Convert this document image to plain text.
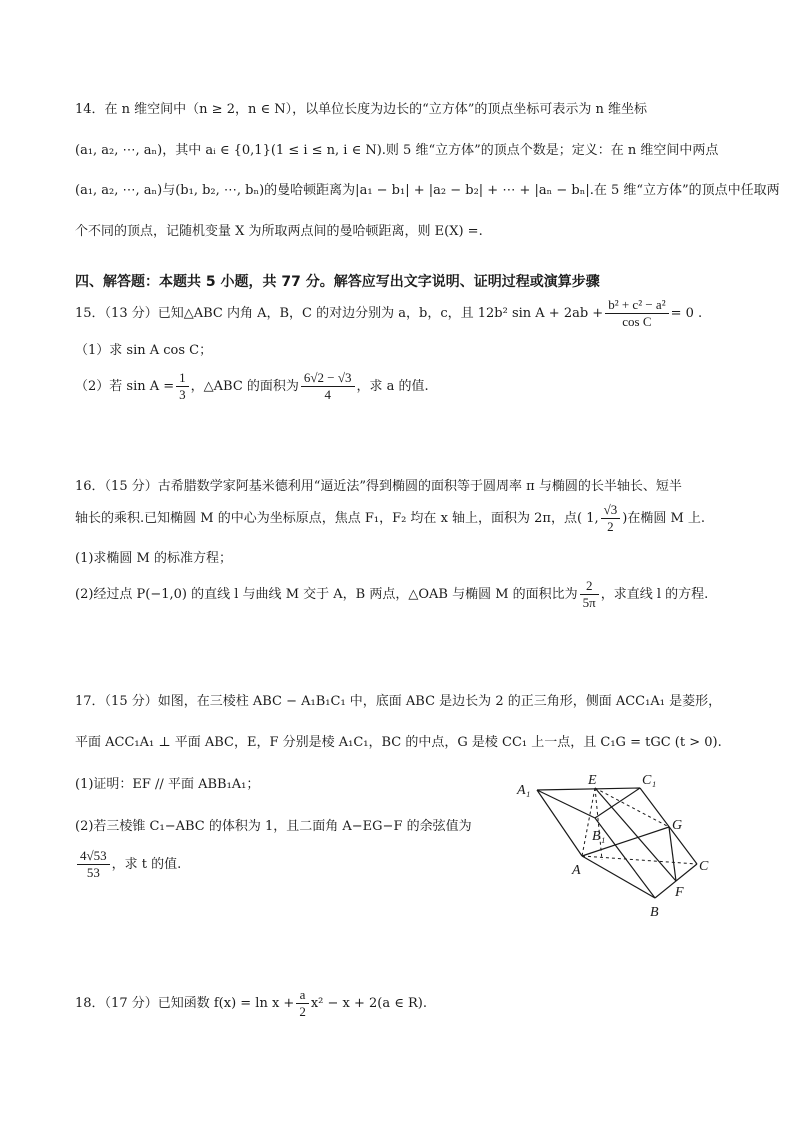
14．在 n 维空间中（n ≥ 2，n ∈ N），以单位长度为边长的“立方体”的顶点坐标可表示为 n 维坐标
(a₁, a₂, ⋯, aₙ)，其中 aᵢ ∈ {0,1}(1 ≤ i ≤ n, i ∈ N).则 5 维“立方体”的顶点个数是；定义：在 n 维空间中两点
(a₁, a₂, ⋯, aₙ)与(b₁, b₂, ⋯, bₙ)的曼哈顿距离为|a₁ − b₁| + |a₂ − b₂| + ⋯ + |aₙ − bₙ|.在 5 维“立方体”的顶点中任取两
个不同的顶点，记随机变量 X 为所取两点间的曼哈顿距离，则 E(X) =.
四、解答题：本题共 5 小题，共 77 分。解答应写出文字说明、证明过程或演算步骤
15．（13 分）已知△ABC 内角 A，B，C 的对边分别为 a，b，c，且 12b² $\sin A + 2ab + \frac{\text{b² + c² − a²}}{\text{cos C}} = 0$ .
（1）求 sin A cos C；
（2）若 $\sin A = \frac{1}{3}$ ，△ABC 的面积为 $\frac{6√2 - √3}{4}$ ，求 a 的值.
16．（15 分）古希腊数学家阿基米德利用“逼近法”得到椭圆的面积等于圆周率 π 与椭圆的长半轴长、短半
轴长的乘积.已知椭圆 M 的中心为坐标原点，焦点 F₁，F₂ 均在 x 轴上，面积为 2π，点( 1, $\frac{√3}{2}$ )在椭圆 M 上.
(1)求椭圆 M 的标准方程；
(2)经过点 P(−1,0) 的直线 l 与曲线 M 交于 A，B 两点，△OAB 与椭圆 M 的面积比为 $\frac{2}{5\pi}$ ，求直线 l 的方程.
17．（15 分）如图，在三棱柱 ABC − A₁B₁C₁ 中，底面 ABC 是边长为 2 的正三角形，侧面 ACC₁A₁ 是菱形，
平面 ACC₁A₁ ⊥ 平面 ABC，E，F 分别是棱 A₁C₁，BC 的中点，G 是棱 CC₁ 上一点，且 C₁G = tGC (t > 0).
(1)证明：EF // 平面 ABB₁A₁；
(2)若三棱锥 C₁−ABC 的体积为 1，且二面角 A−EG−F 的余弦值为
$\frac{4√53}{53}$ ，求 t 的值.
A₁
E	C₁
B₁
G
A	C
F
B
18．（17 分）已知函数 $f(x) = \ln x + \frac{a}{2} x^2 - x + 2(a$ ∈ R).
